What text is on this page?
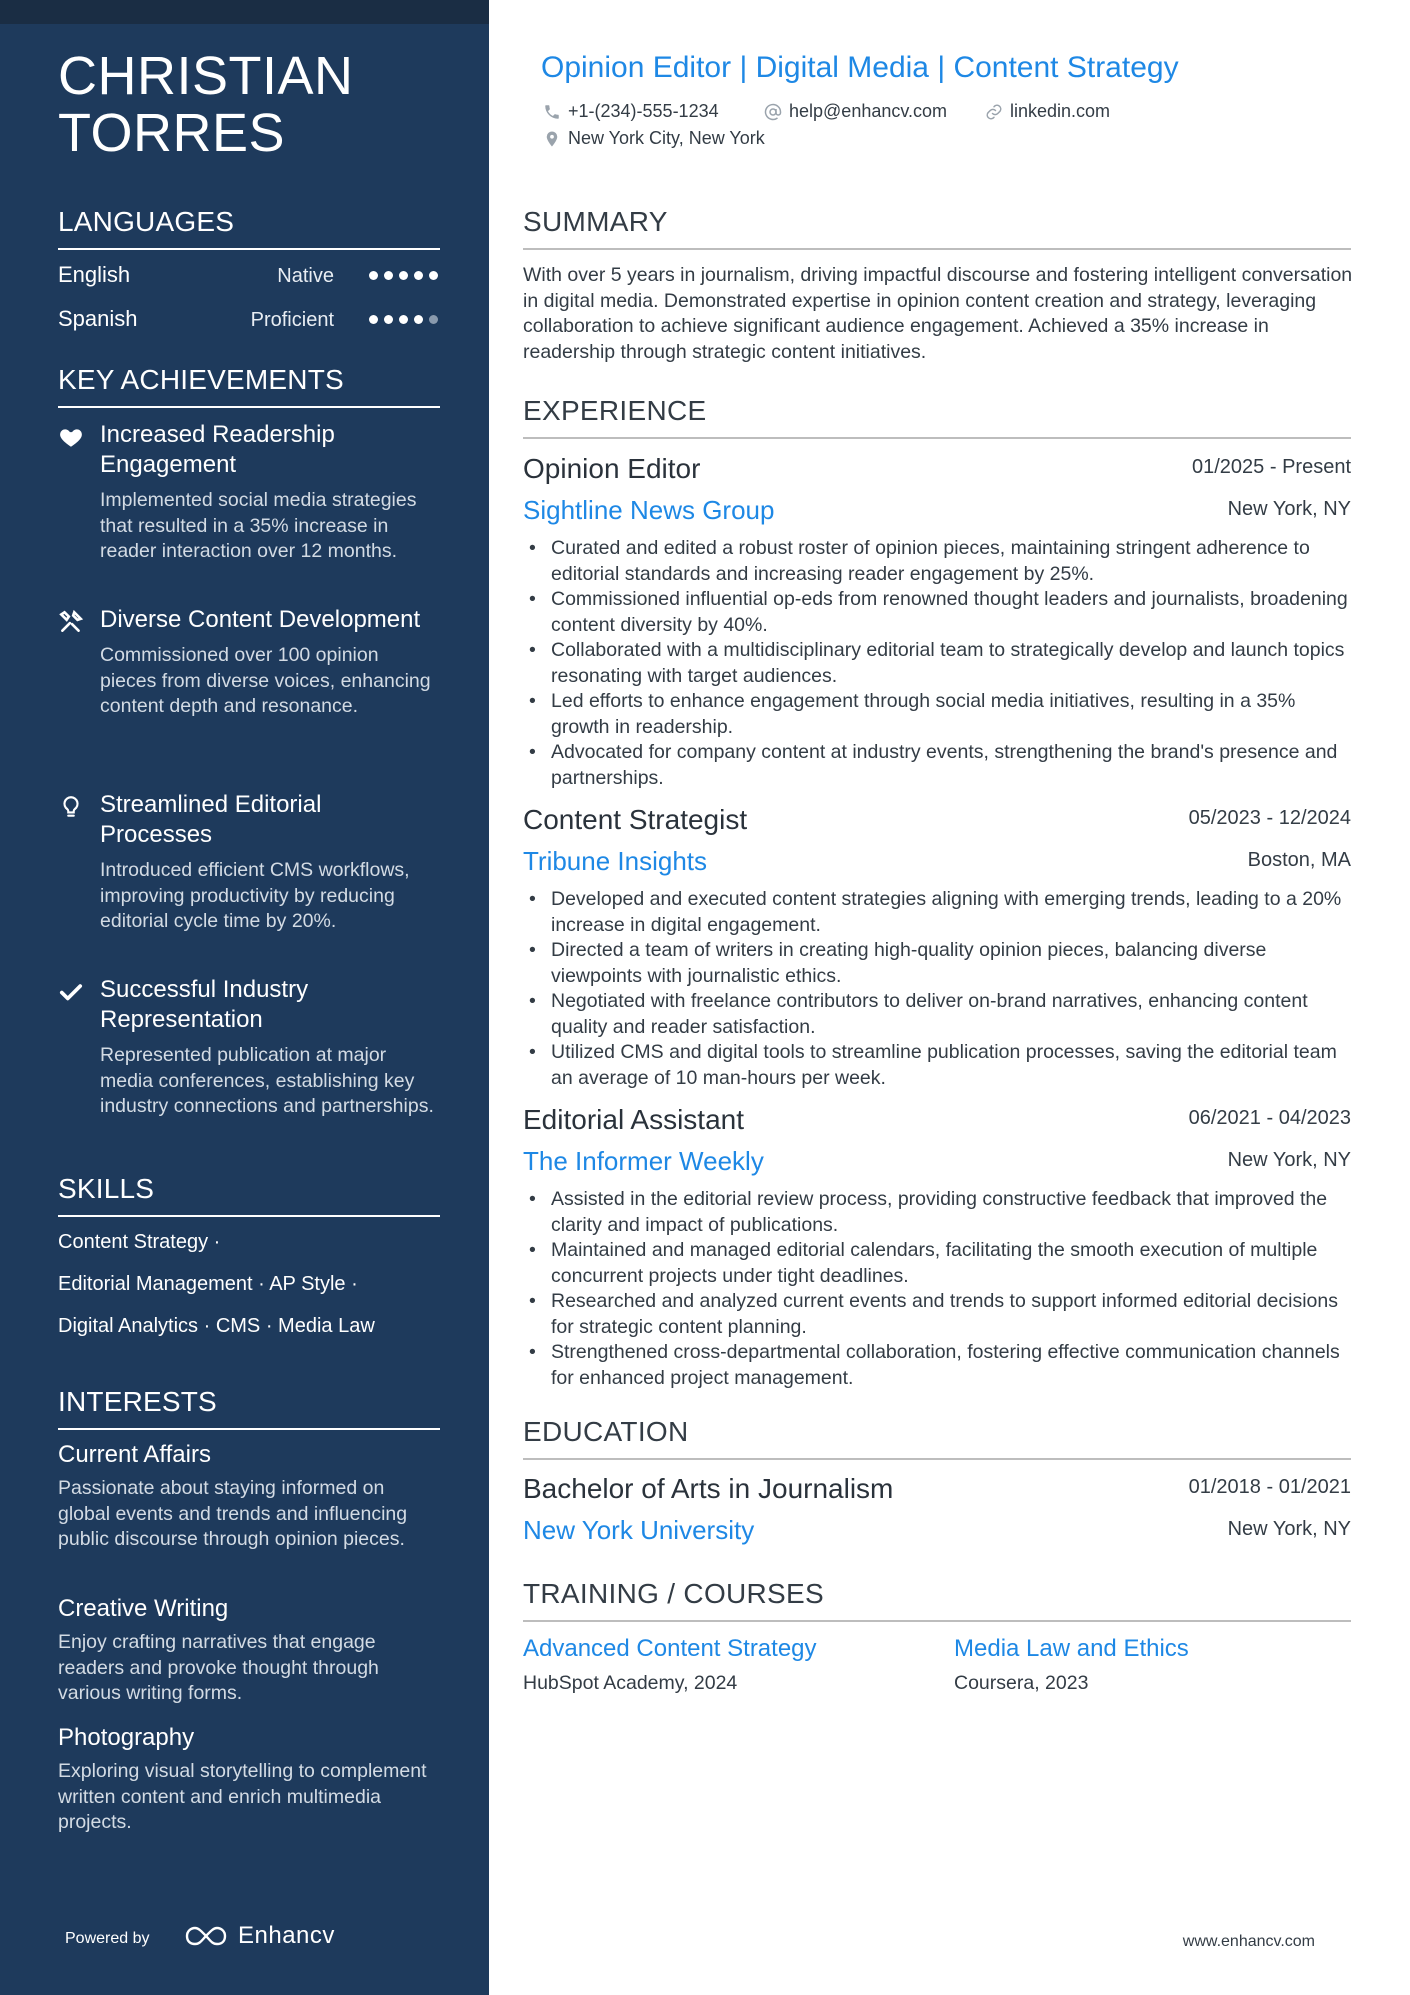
CHRISTIAN TORRES
LANGUAGES
English	Native
Spanish	Proficient
KEY ACHIEVEMENTS
Increased Readership Engagement
Implemented social media strategies that resulted in a 35% increase in reader interaction over 12 months.
Diverse Content Development
Commissioned over 100 opinion pieces from diverse voices, enhancing content depth and resonance.
Streamlined Editorial Processes
Introduced efficient CMS workflows, improving productivity by reducing editorial cycle time by 20%.
Successful Industry Representation
Represented publication at major media conferences, establishing key industry connections and partnerships.
SKILLS
Content Strategy ·
Editorial Management · AP Style ·
Digital Analytics · CMS · Media Law
INTERESTS
Current Affairs
Passionate about staying informed on global events and trends and influencing public discourse through opinion pieces.
Creative Writing
Enjoy crafting narratives that engage readers and provoke thought through various writing forms.
Photography
Exploring visual storytelling to complement written content and enrich multimedia projects.
Powered by	Enhancv
Opinion Editor | Digital Media | Content Strategy
+1-(234)-555-1234	help@enhancv.com	linkedin.com
New York City, New York
SUMMARY
With over 5 years in journalism, driving impactful discourse and fostering intelligent conversation in digital media. Demonstrated expertise in opinion content creation and strategy, leveraging collaboration to achieve significant audience engagement. Achieved a 35% increase in readership through strategic content initiatives.
EXPERIENCE
Opinion Editor	01/2025 - Present
Sightline News Group	New York, NY
• Curated and edited a robust roster of opinion pieces, maintaining stringent adherence to editorial standards and increasing reader engagement by 25%.
• Commissioned influential op-eds from renowned thought leaders and journalists, broadening content diversity by 40%.
• Collaborated with a multidisciplinary editorial team to strategically develop and launch topics resonating with target audiences.
• Led efforts to enhance engagement through social media initiatives, resulting in a 35% growth in readership.
• Advocated for company content at industry events, strengthening the brand's presence and partnerships.
Content Strategist	05/2023 - 12/2024
Tribune Insights	Boston, MA
• Developed and executed content strategies aligning with emerging trends, leading to a 20% increase in digital engagement.
• Directed a team of writers in creating high-quality opinion pieces, balancing diverse viewpoints with journalistic ethics.
• Negotiated with freelance contributors to deliver on-brand narratives, enhancing content quality and reader satisfaction.
• Utilized CMS and digital tools to streamline publication processes, saving the editorial team an average of 10 man-hours per week.
Editorial Assistant	06/2021 - 04/2023
The Informer Weekly	New York, NY
• Assisted in the editorial review process, providing constructive feedback that improved the clarity and impact of publications.
• Maintained and managed editorial calendars, facilitating the smooth execution of multiple concurrent projects under tight deadlines.
• Researched and analyzed current events and trends to support informed editorial decisions for strategic content planning.
• Strengthened cross-departmental collaboration, fostering effective communication channels for enhanced project management.
EDUCATION
Bachelor of Arts in Journalism	01/2018 - 01/2021
New York University	New York, NY
TRAINING / COURSES
Advanced Content Strategy
HubSpot Academy, 2024
Media Law and Ethics
Coursera, 2023
www.enhancv.com
